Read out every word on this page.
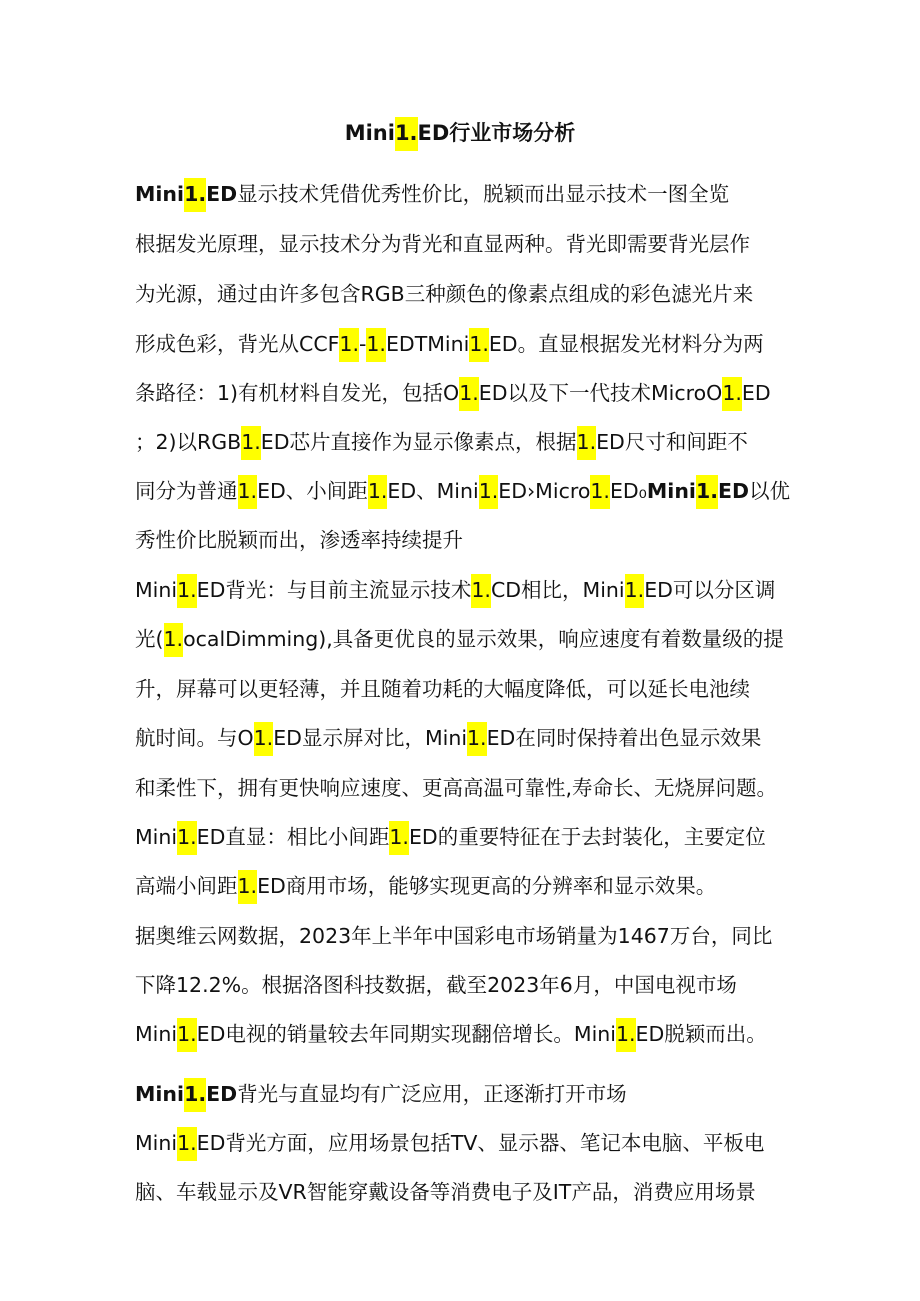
Mini1.ED行业市场分析
Mini1.ED显示技术凭借优秀性价比，脱颖而出显示技术一图全览
根据发光原理，显示技术分为背光和直显两种。背光即需要背光层作
为光源，通过由许多包含RGB三种颜色的像素点组成的彩色滤光片来
形成色彩，背光从CCF1.-1.EDTMini1.ED。直显根据发光材料分为两
条路径：1)有机材料自发光，包括O1.ED以及下一代技术MicroO1.ED
；2)以RGB1.ED芯片直接作为显示像素点，根据1.ED尺寸和间距不
同分为普通1.ED、小间距1.ED、Mini1.ED›Micro1.ED₀Mini1.ED以优
秀性价比脱颖而出，渗透率持续提升
Mini1.ED背光：与目前主流显示技术1.CD相比，Mini1.ED可以分区调
光(1.ocalDimming),具备更优良的显示效果，响应速度有着数量级的提
升，屏幕可以更轻薄，并且随着功耗的大幅度降低，可以延长电池续
航时间。与O1.ED显示屏对比，Mini1.ED在同时保持着出色显示效果
和柔性下，拥有更快响应速度、更高高温可靠性,寿命长、无烧屏问题。
Mini1.ED直显：相比小间距1.ED的重要特征在于去封装化，主要定位
高端小间距1.ED商用市场，能够实现更高的分辨率和显示效果。
据奥维云网数据，2023年上半年中国彩电市场销量为1467万台，同比
下降12.2%。根据洛图科技数据，截至2023年6月，中国电视市场
Mini1.ED电视的销量较去年同期实现翻倍增长。Mini1.ED脱颖而出。
Mini1.ED背光与直显均有广泛应用，正逐渐打开市场
Mini1.ED背光方面，应用场景包括TV、显示器、笔记本电脑、平板电
脑、车载显示及VR智能穿戴设备等消费电子及IT产品，消费应用场景
